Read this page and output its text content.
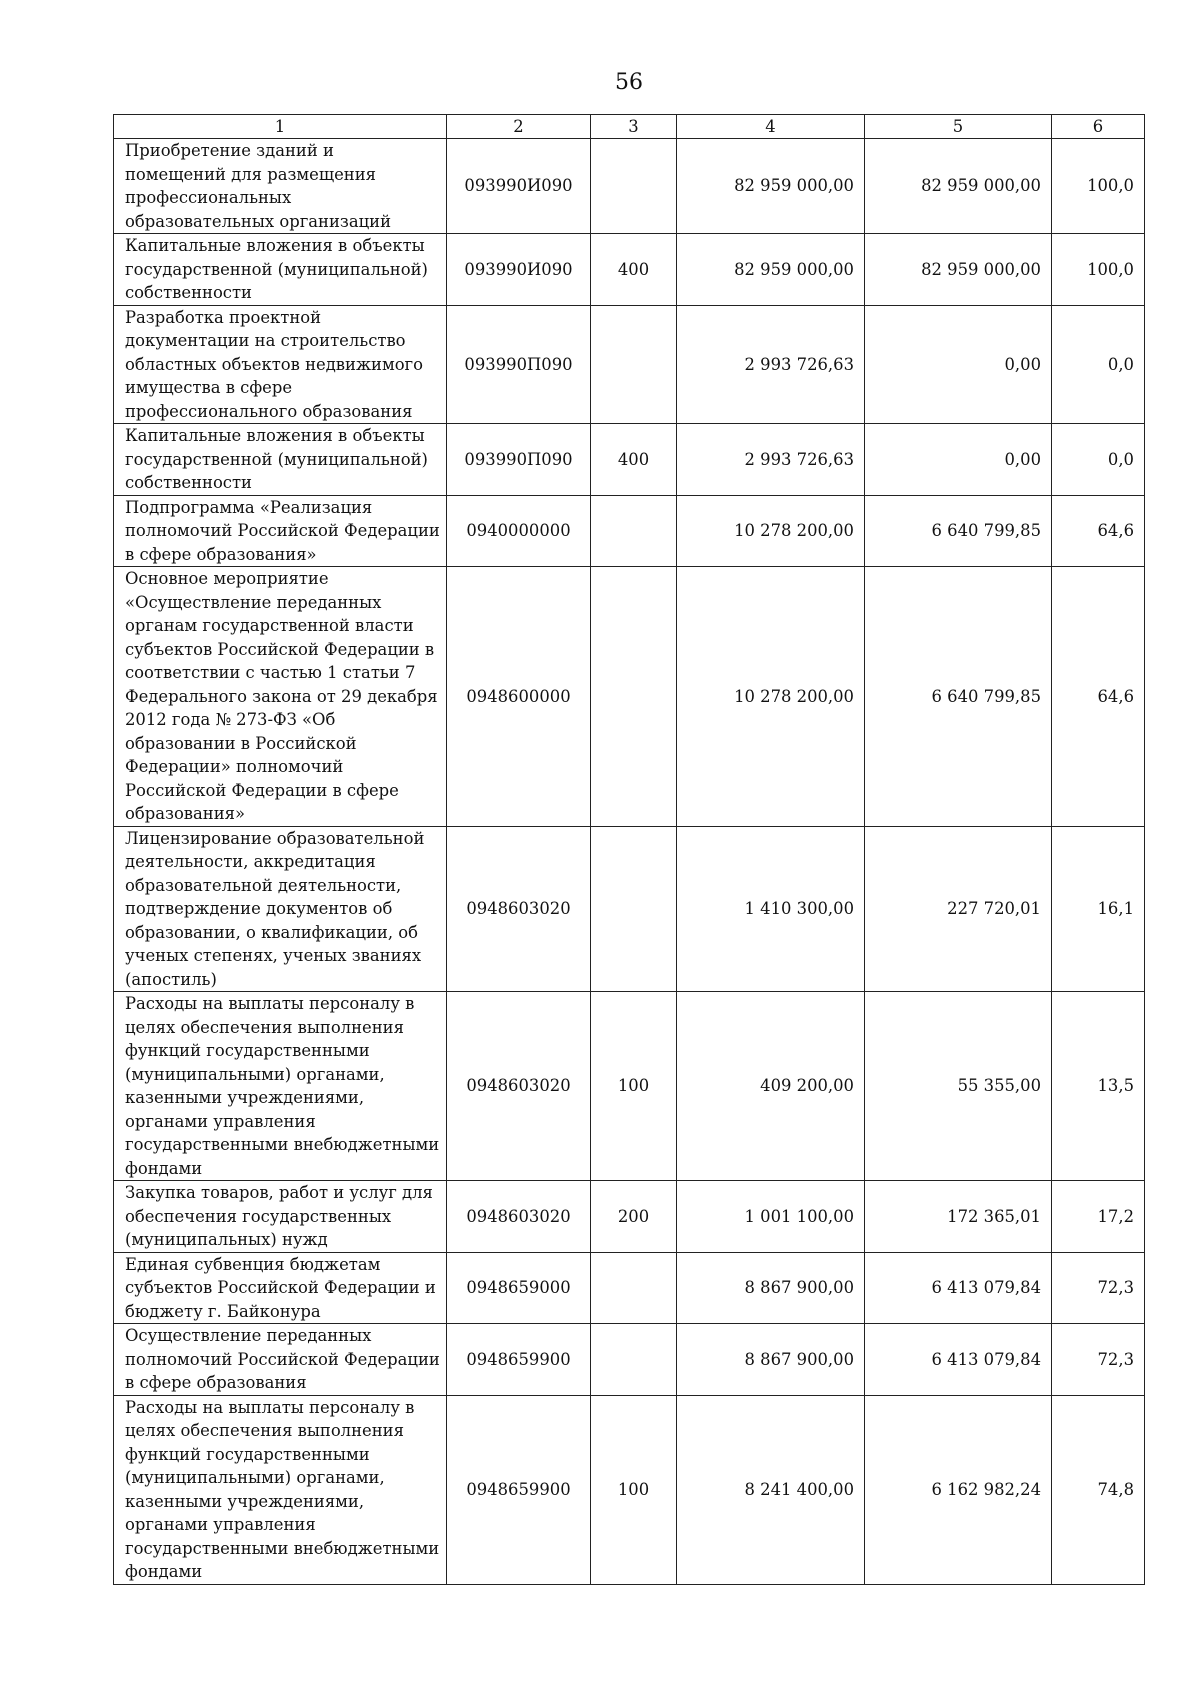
56
1	2	3	4	5	6
Приобретение зданий и помещений для размещения профессиональных образовательных организаций	093990И090		82 959 000,00	82 959 000,00	100,0
Капитальные вложения в объекты государственной (муниципальной) собственности	093990И090	400	82 959 000,00	82 959 000,00	100,0
Разработка проектной документации на строительство областных объектов недвижимого имущества в сфере профессионального образования	093990П090		2 993 726,63	0,00	0,0
Капитальные вложения в объекты государственной (муниципальной) собственности	093990П090	400	2 993 726,63	0,00	0,0
Подпрограмма «Реализация полномочий Российской Федерации в сфере образования»	0940000000		10 278 200,00	6 640 799,85	64,6
Основное мероприятие «Осуществление переданных органам государственной власти субъектов Российской Федерации в соответствии с частью 1 статьи 7 Федерального закона от 29 декабря 2012 года № 273-ФЗ «Об образовании в Российской Федерации» полномочий Российской Федерации в сфере образования»	0948600000		10 278 200,00	6 640 799,85	64,6
Лицензирование образовательной деятельности, аккредитация образовательной деятельности, подтверждение документов об образовании, о квалификации, об ученых степенях, ученых званиях (апостиль)	0948603020		1 410 300,00	227 720,01	16,1
Расходы на выплаты персоналу в целях обеспечения выполнения функций государственными (муниципальными) органами, казенными учреждениями, органами управления государственными внебюджетными фондами	0948603020	100	409 200,00	55 355,00	13,5
Закупка товаров, работ и услуг для обеспечения государственных (муниципальных) нужд	0948603020	200	1 001 100,00	172 365,01	17,2
Единая субвенция бюджетам субъектов Российской Федерации и бюджету г. Байконура	0948659000		8 867 900,00	6 413 079,84	72,3
Осуществление переданных полномочий Российской Федерации в сфере образования	0948659900		8 867 900,00	6 413 079,84	72,3
Расходы на выплаты персоналу в целях обеспечения выполнения функций государственными (муниципальными) органами, казенными учреждениями, органами управления государственными внебюджетными фондами	0948659900	100	8 241 400,00	6 162 982,24	74,8
